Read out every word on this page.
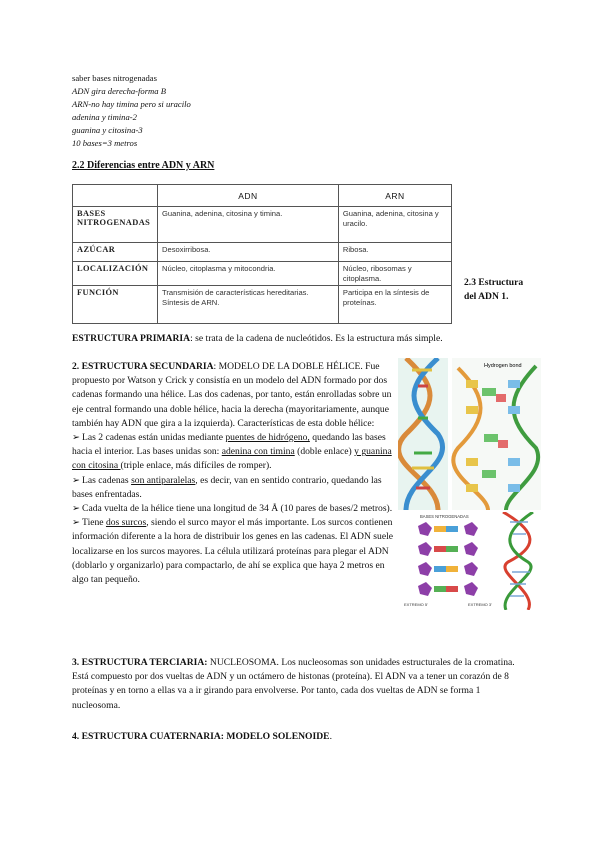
saber bases nitrogenadas
ADN gira derecha-forma B
ARN-no hay timina pero si uracilo
adenina y timina-2
guanina y citosina-3
10 bases=3 metros
2.2 Diferencias entre ADN y ARN
	ADN	ARN
BASES NITROGENADAS	Guanina, adenina, citosina y timina.	Guanina, adenina, citosina y uracilo.
AZÚCAR	Desoxirribosa.	Ribosa.
LOCALIZACIÓN	Núcleo, citoplasma y mitocondria.	Núcleo, ribosomas y citoplasma.
FUNCIÓN	Transmisión de características hereditarias. Síntesis de ARN.	Participa en la síntesis de proteínas.
2.3 Estructura del ADN 1.
ESTRUCTURA PRIMARIA: se trata de la cadena de nucleótidos. Es la estructura más simple.
2. ESTRUCTURA SECUNDARIA: MODELO DE LA DOBLE HÉLICE. Fue propuesto por Watson y Crick y consistía en un modelo del ADN formado por dos cadenas formando una hélice. Las dos cadenas, por tanto, están enrolladas sobre un eje central formando una doble hélice, hacia la derecha (mayoritariamente, aunque también hay ADN que gira a la izquierda). Características de esta doble hélice:
➢ Las 2 cadenas están unidas mediante puentes de hidrógeno, quedando las bases hacia el interior. Las bases unidas son: adenina con timina (doble enlace) y guanina con citosina (triple enlace, más difíciles de romper).
➢ Las cadenas son antiparalelas, es decir, van en sentido contrario, quedando las bases enfrentadas.
➢ Cada vuelta de la hélice tiene una longitud de 34 Å (10 pares de bases/2 metros).
➢ Tiene dos surcos, siendo el surco mayor el más importante. Los surcos contienen información diferente a la hora de distribuir los genes en las cadenas. El ADN suele localizarse en los surcos mayores. La célula utilizará proteínas para plegar el ADN (doblarlo y organizarlo) para compactarlo, de ahí se explica que haya 2 metros en algo tan pequeño.
Hydrogen bond
BASES NITROGENADAS
EXTREMO 5'	EXTREMO 3'
3. ESTRUCTURA TERCIARIA: NUCLEOSOMA. Los nucleosomas son unidades estructurales de la cromatina. Está compuesto por dos vueltas de ADN y un octámero de histonas (proteína). El ADN va a tener un corazón de 8 proteínas y en torno a ellas va a ir girando para envolverse. Por tanto, cada dos vueltas de ADN se forma 1 nucleosoma.
4. ESTRUCTURA CUATERNARIA: MODELO SOLENOIDE.
